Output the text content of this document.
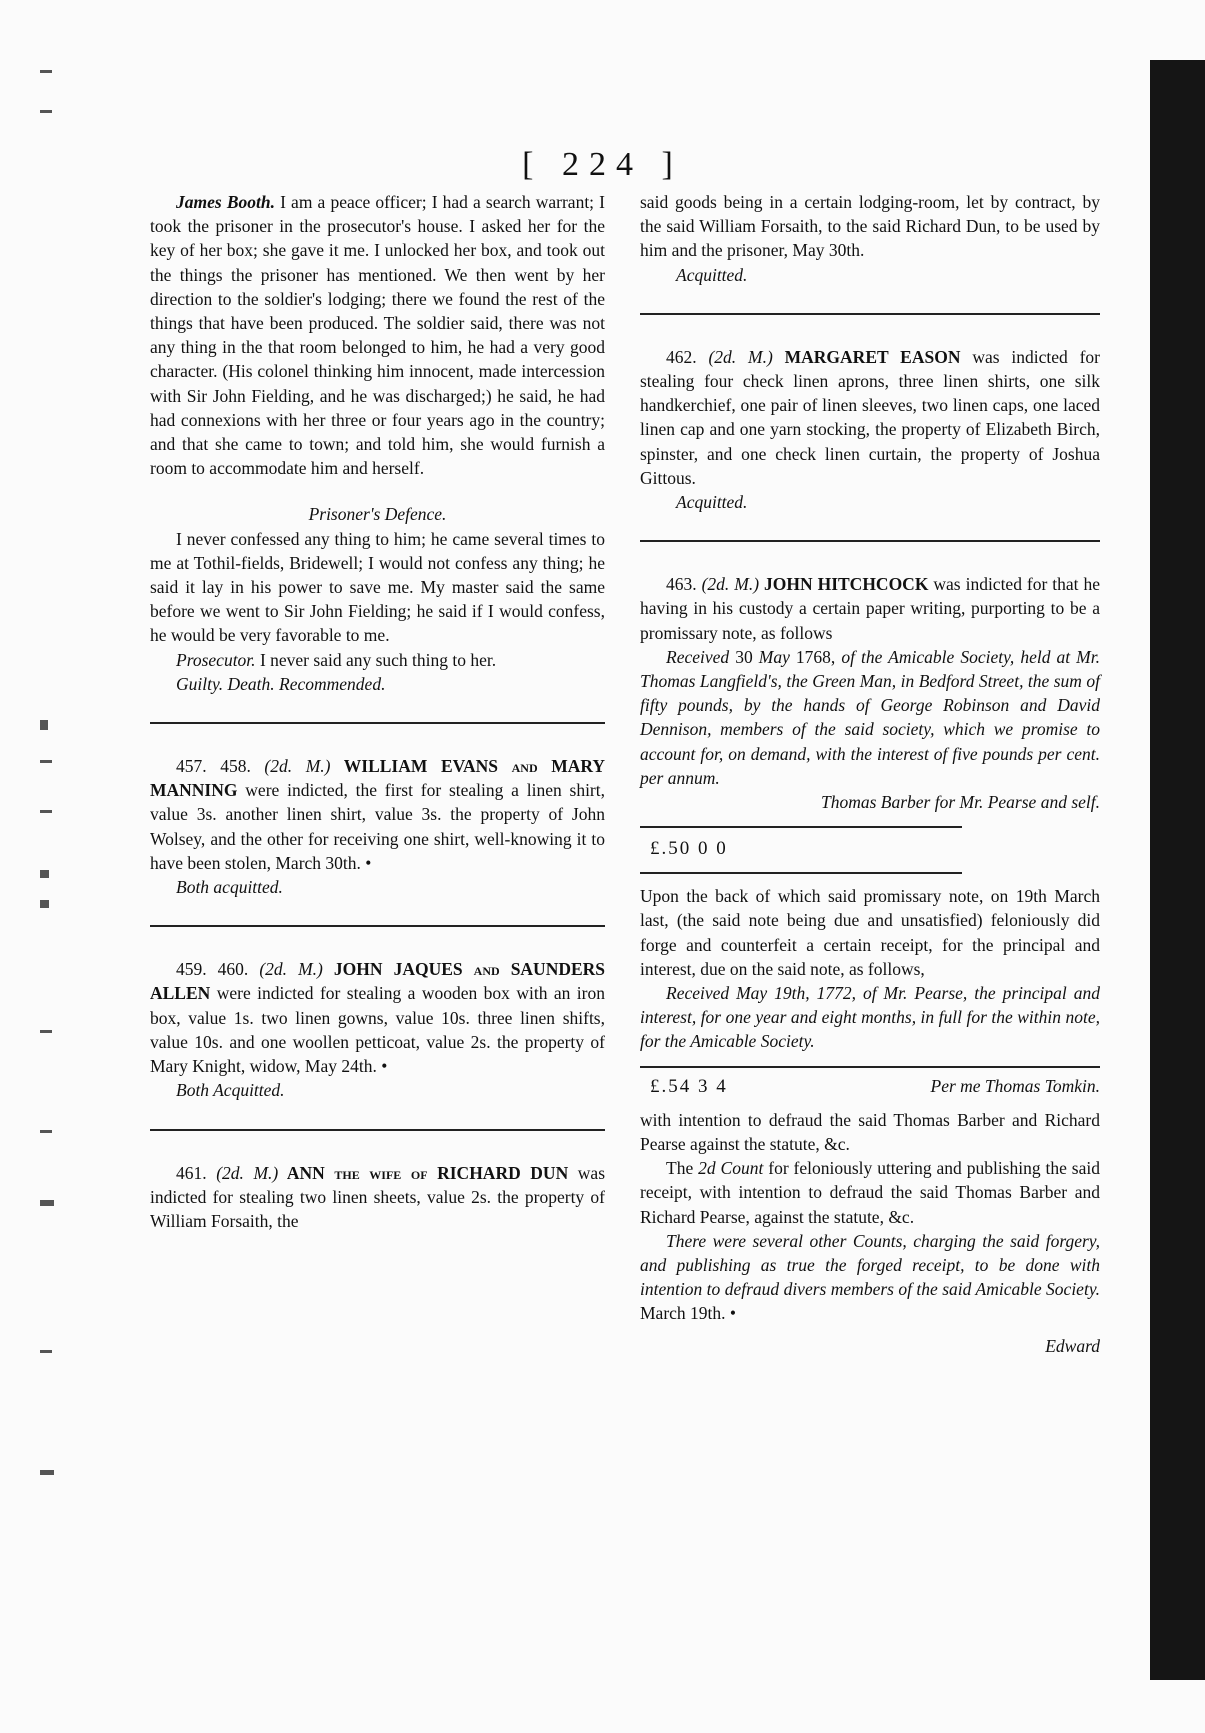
[ 224 ]

James Booth. I am a peace officer; I had a search warrant; I took the prisoner in the prosecutor's house. I asked her for the key of her box; she gave it me. I unlocked her box, and took out the things the prisoner has mentioned. We then went by her direction to the soldier's lodging; there we found the rest of the things that have been produced. The soldier said, there was not any thing in the that room belonged to him, he had a very good character. (His colonel thinking him innocent, made intercession with Sir John Fielding, and he was discharged;) he said, he had had connexions with her three or four years ago in the country; and that she came to town; and told him, she would furnish a room to accommodate him and herself.

Prisoner's Defence.

I never confessed any thing to him; he came several times to me at Tothil-fields, Bridewell; I would not confess any thing; he said it lay in his power to save me. My master said the same before we went to Sir John Fielding; he said if I would confess, he would be very favorable to me.

Prosecutor. I never said any such thing to her.

Guilty. Death. Recommended.

457. 458. (2d. M.) WILLIAM EVANS and MARY MANNING were indicted, the first for stealing a linen shirt, value 3s. another linen shirt, value 3s. the property of John Wolsey, and the other for receiving one shirt, well-knowing it to have been stolen, March 30th. •

Both acquitted.

459. 460. (2d. M.) JOHN JAQUES and SAUNDERS ALLEN were indicted for stealing a wooden box with an iron box, value 1s. two linen gowns, value 10s. three linen shifts, value 10s. and one woollen petticoat, value 2s. the property of Mary Knight, widow, May 24th. •

Both Acquitted.

461. (2d. M.) ANN the wife of RICHARD DUN was indicted for stealing two linen sheets, value 2s. the property of William Forsaith, the

said goods being in a certain lodging-room, let by contract, by the said William Forsaith, to the said Richard Dun, to be used by him and the prisoner, May 30th.

Acquitted.

462. (2d. M.) MARGARET EASON was indicted for stealing four check linen aprons, three linen shirts, one silk handkerchief, one pair of linen sleeves, two linen caps, one laced linen cap and one yarn stocking, the property of Elizabeth Birch, spinster, and one check linen curtain, the property of Joshua Gittous.

Acquitted.

463. (2d. M.) JOHN HITCHCOCK was indicted for that he having in his custody a certain paper writing, purporting to be a promissary note, as follows

Received 30 May 1768, of the Amicable Society, held at Mr. Thomas Langfield's, the Green Man, in Bedford Street, the sum of fifty pounds, by the hands of George Robinson and David Dennison, members of the said society, which we promise to account for, on demand, with the interest of five pounds per cent. per annum.

Thomas Barber for Mr. Pearse and self.

£.50 0 0

Upon the back of which said promissary note, on 19th March last, (the said note being due and unsatisfied) feloniously did forge and counterfeit a certain receipt, for the principal and interest, due on the said note, as follows,

Received May 19th, 1772, of Mr. Pearse, the principal and interest, for one year and eight months, in full for the within note, for the Amicable Society.

£.54 3 4	Per me Thomas Tomkin.

with intention to defraud the said Thomas Barber and Richard Pearse against the statute, &c.

The 2d Count for feloniously uttering and publishing the said receipt, with intention to defraud the said Thomas Barber and Richard Pearse, against the statute, &c.

There were several other Counts, charging the said forgery, and publishing as true the forged receipt, to be done with intention to defraud divers members of the said Amicable Society. March 19th. •

Edward
